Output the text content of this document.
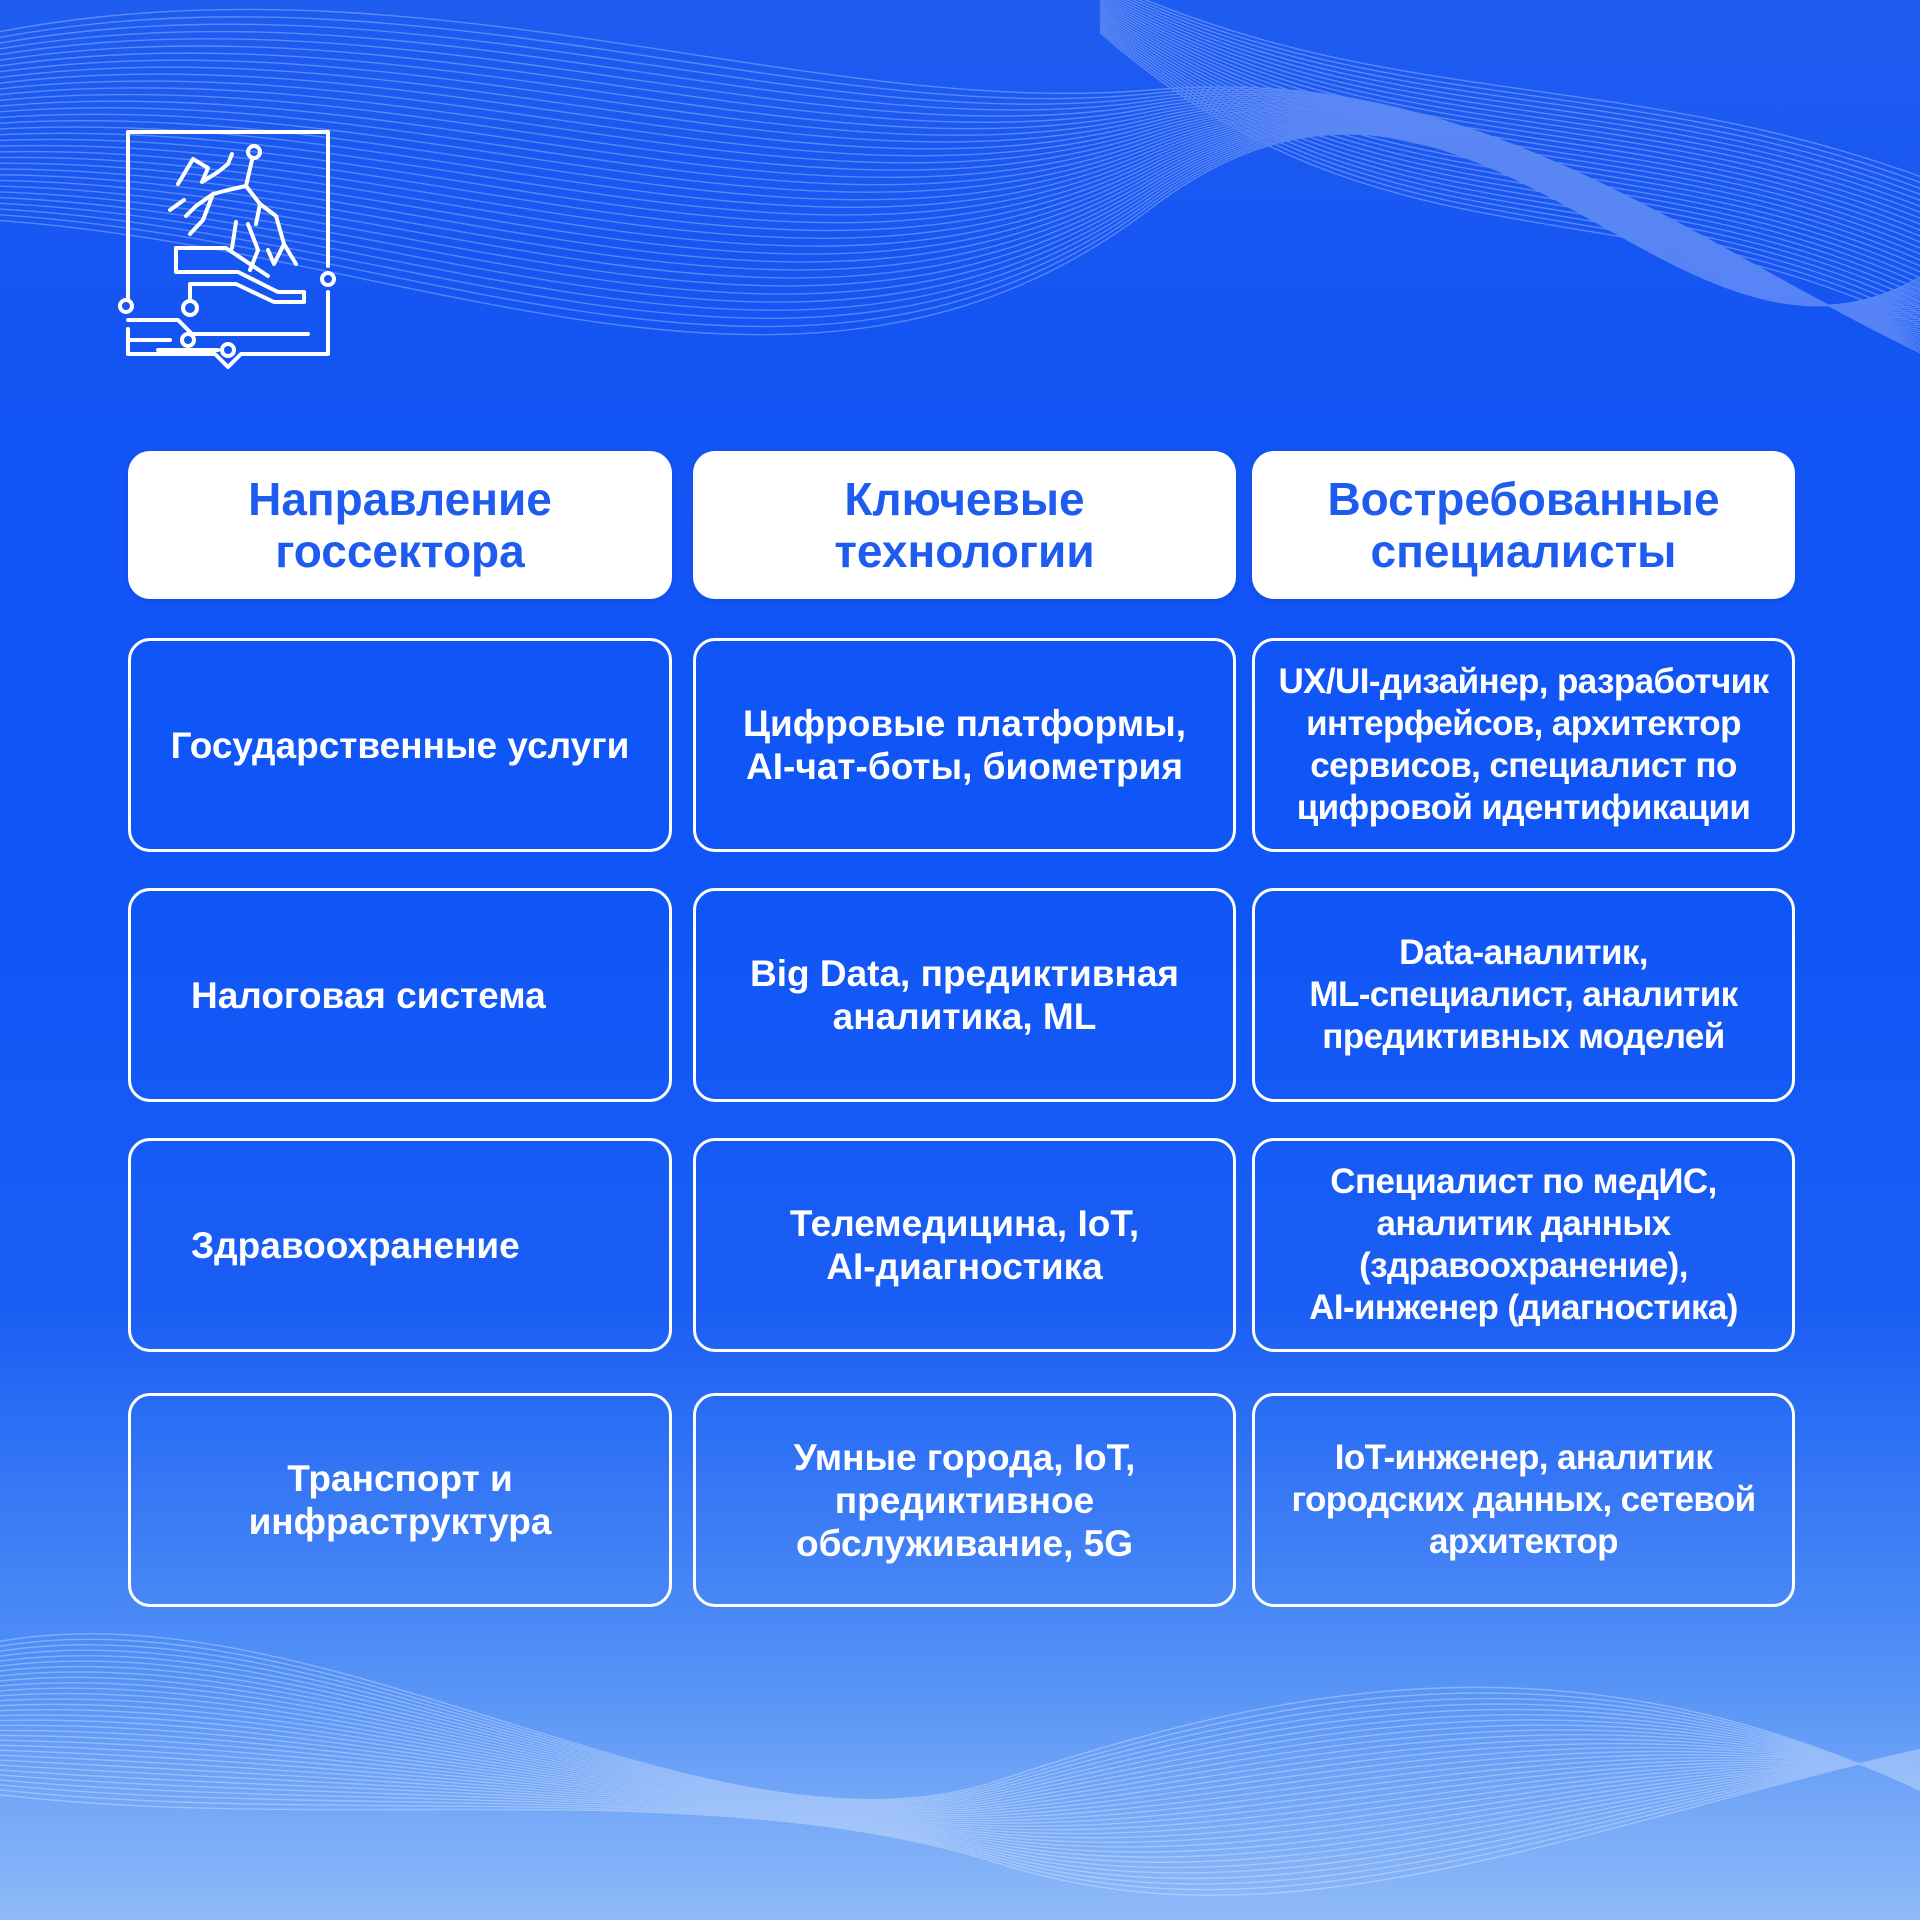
Направление
госсектора
Ключевые
технологии
Востребованные
специалисты
Государственные услуги
Цифровые платформы,
AI-чат-боты, биометрия
UX/UI-дизайнер, разработчик
интерфейсов, архитектор
сервисов, специалист по
цифровой идентификации
Налоговая система
Big Data, предиктивная
аналитика, ML
Data-аналитик,
ML-специалист, аналитик
предиктивных моделей
Здравоохранение
Телемедицина, IoT,
AI-диагностика
Специалист по медИС,
аналитик данных
(здравоохранение),
AI-инженер (диагностика)
Транспорт и
инфраструктура
Умные города, IoT,
предиктивное
обслуживание, 5G
IoT-инженер, аналитик
городских данных, сетевой
архитектор
